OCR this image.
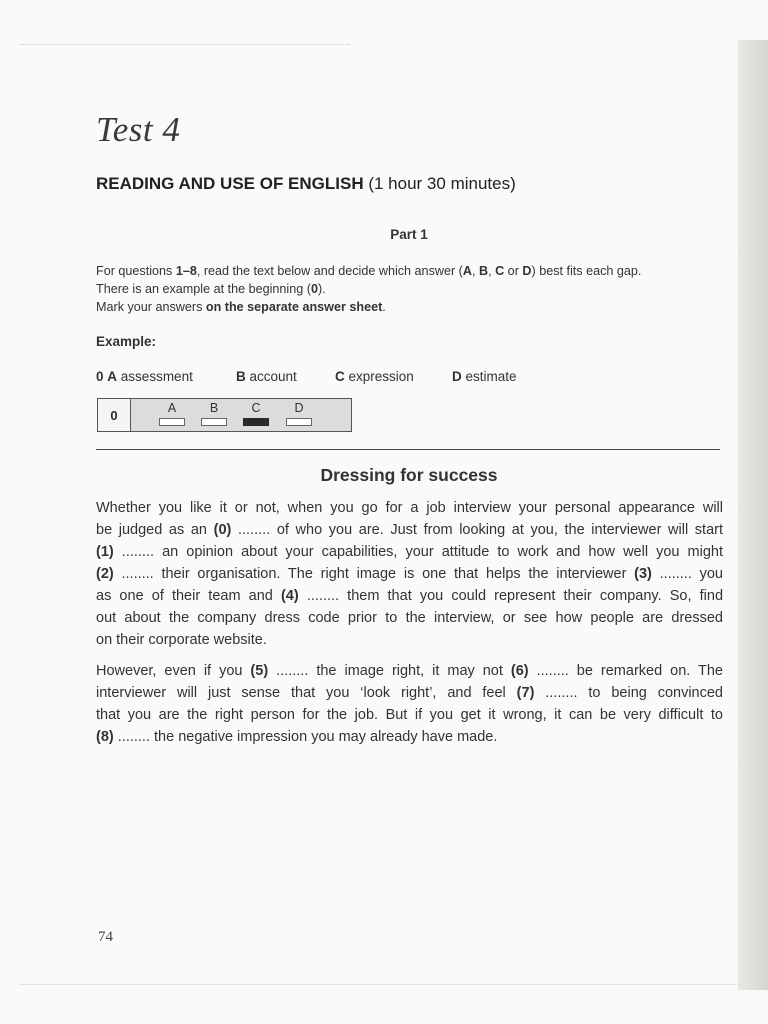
Test 4
READING AND USE OF ENGLISH (1 hour 30 minutes)
Part 1
For questions 1–8, read the text below and decide which answer (A, B, C or D) best fits each gap.
There is an example at the beginning (0).
Mark your answers on the separate answer sheet.
Example:
0 A assessment	B account	C expression	D estimate
0	A	B	C	D
Dressing for success
Whether you like it or not, when you go for a job interview your personal appearance will
be judged as an (0) ........ of who you are. Just from looking at you, the interviewer will start
(1) ........ an opinion about your capabilities, your attitude to work and how well you might
(2) ........ their organisation. The right image is one that helps the interviewer (3) ........ you
as one of their team and (4) ........ them that you could represent their company. So, find
out about the company dress code prior to the interview, or see how people are dressed
on their corporate website.
However, even if you (5) ........ the image right, it may not (6) ........ be remarked on. The
interviewer will just sense that you ‘look right’, and feel (7) ........ to being convinced
that you are the right person for the job. But if you get it wrong, it can be very difficult to
(8) ........ the negative impression you may already have made.
74
